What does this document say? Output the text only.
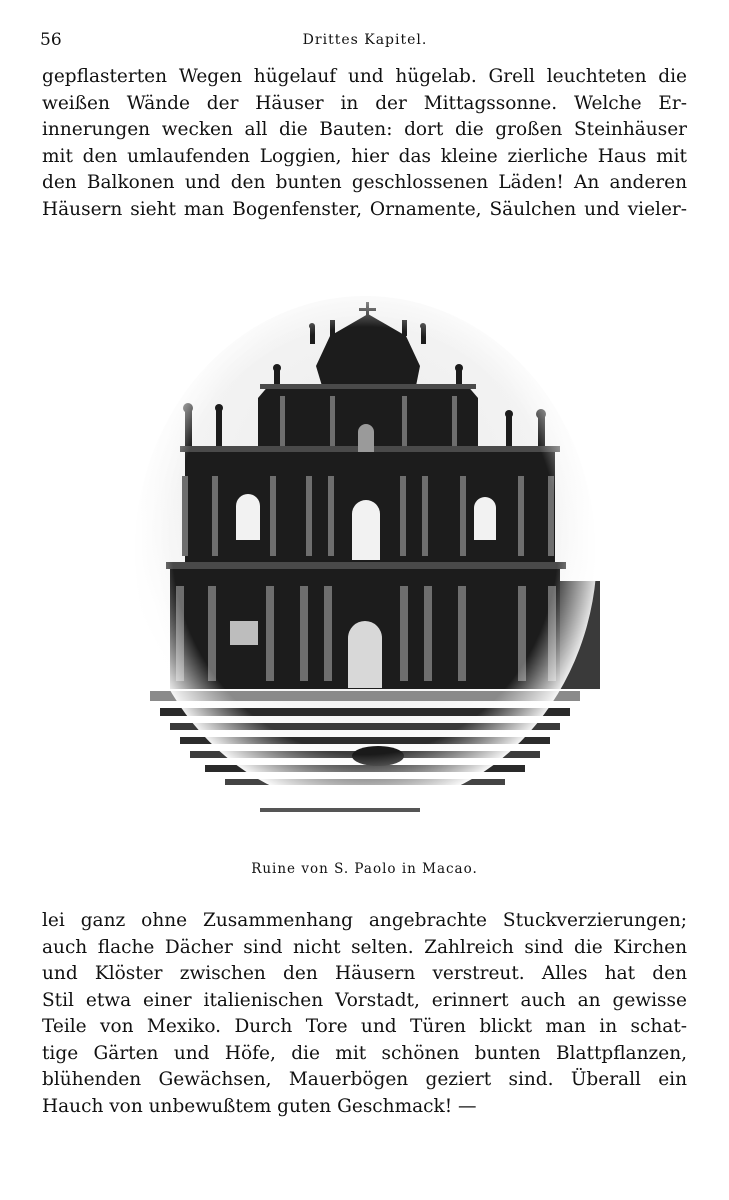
56	Drittes Kapitel.
gepflasterten Wegen hügelauf und hügelab. Grell leuchteten die
weißen Wände der Häuser in der Mittagssonne. Welche Er-
innerungen wecken all die Bauten: dort die großen Steinhäuser
mit den umlaufenden Loggien, hier das kleine zierliche Haus mit
den Balkonen und den bunten geschlossenen Läden! An anderen
Häusern sieht man Bogenfenster, Ornamente, Säulchen und vieler-
Ruine von S. Paolo in Macao.
lei ganz ohne Zusammenhang angebrachte Stuckverzierungen;
auch flache Dächer sind nicht selten. Zahlreich sind die Kirchen
und Klöster zwischen den Häusern verstreut. Alles hat den
Stil etwa einer italienischen Vorstadt, erinnert auch an gewisse
Teile von Mexiko. Durch Tore und Türen blickt man in schat-
tige Gärten und Höfe, die mit schönen bunten Blattpflanzen,
blühenden Gewächsen, Mauerbögen geziert sind. Überall ein
Hauch von unbewußtem guten Geschmack! —
